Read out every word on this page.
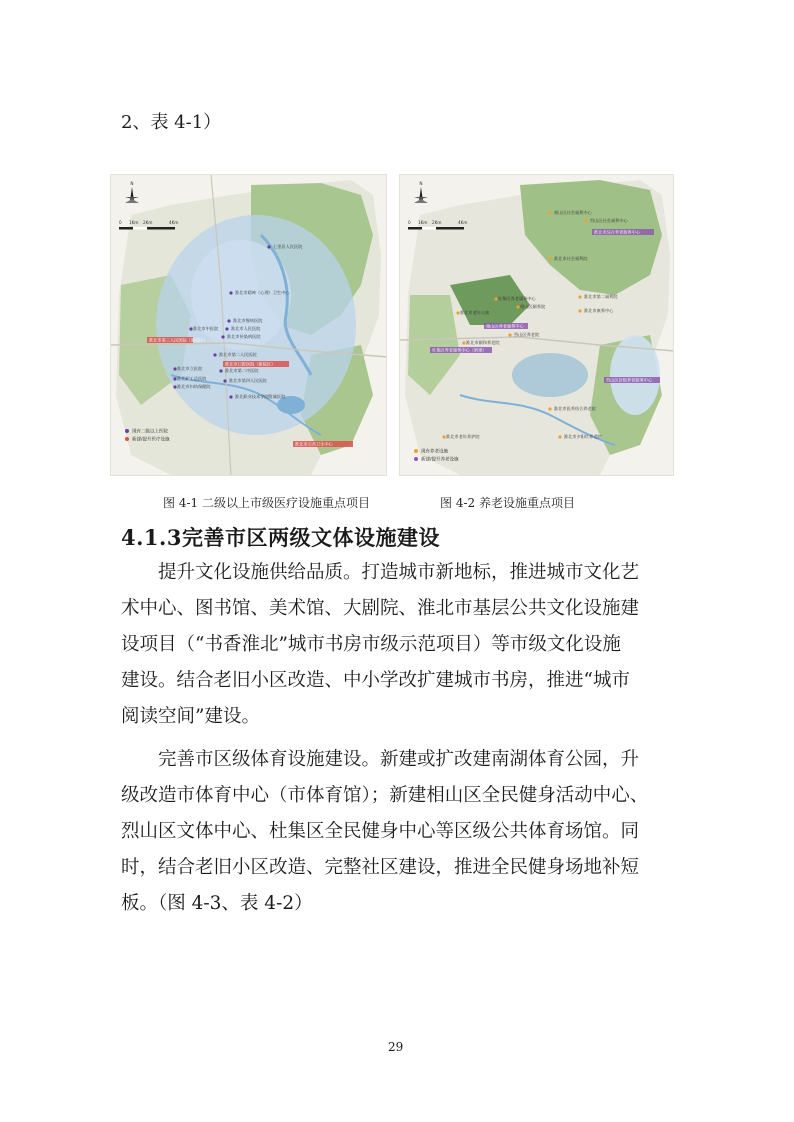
2、表 4-1）
N
0 1Km 2Km	4Km
七里居人民医院
淮北市精神（心理）卫生中心
淮北市慢病医院
淮北市人民医院
淮北市传染病医院
淮北市中医院
淮北市第二人民医院
淮北市第二中医院
淮北市立医院
淮北矿工总医院
淮北市妇幼保健院
淮北市第四人民医院
淮北职业技术学院附属医院
淮北市第三人民医院（新院区）
淮北市口腔医院（新院区）
淮北市公共卫生中心
现有二级以上医院
新建/提升医疗设施
N
0 1Km 2Km	4Km
相山区社会福利中心
烈山区社会福利中心
淮北市社会福利院
淮北市老年公寓
杜集区养老服务中心
相山区颐养院
淮北市第二福利院
淮北市康养中心
烈山区养老院
淮北市颐和养老院
淮北市医养结合养老院
淮北市夕阳红养老院
淮北市老年养护院
淮北市综合养老服务中心
相山区养老服务中心
杜集区养老服务中心（新建）
烈山区区级养老服务中心
现有养老设施
新建/提升养老设施
图 4-1 二级以上市级医疗设施重点项目	图 4-2 养老设施重点项目
4.1.3完善市区两级文体设施建设
提升文化设施供给品质。打造城市新地标，推进城市文化艺
术中心、图书馆、美术馆、大剧院、淮北市基层公共文化设施建
设项目（“书香淮北”城市书房市级示范项目）等市级文化设施
建设。结合老旧小区改造、中小学改扩建城市书房，推进“城市
阅读空间”建设。
完善市区级体育设施建设。新建或扩改建南湖体育公园，升
级改造市体育中心（市体育馆）；新建相山区全民健身活动中心、
烈山区文体中心、杜集区全民健身中心等区级公共体育场馆。同
时，结合老旧小区改造、完整社区建设，推进全民健身场地补短
板。（图 4-3、表 4-2）
29
